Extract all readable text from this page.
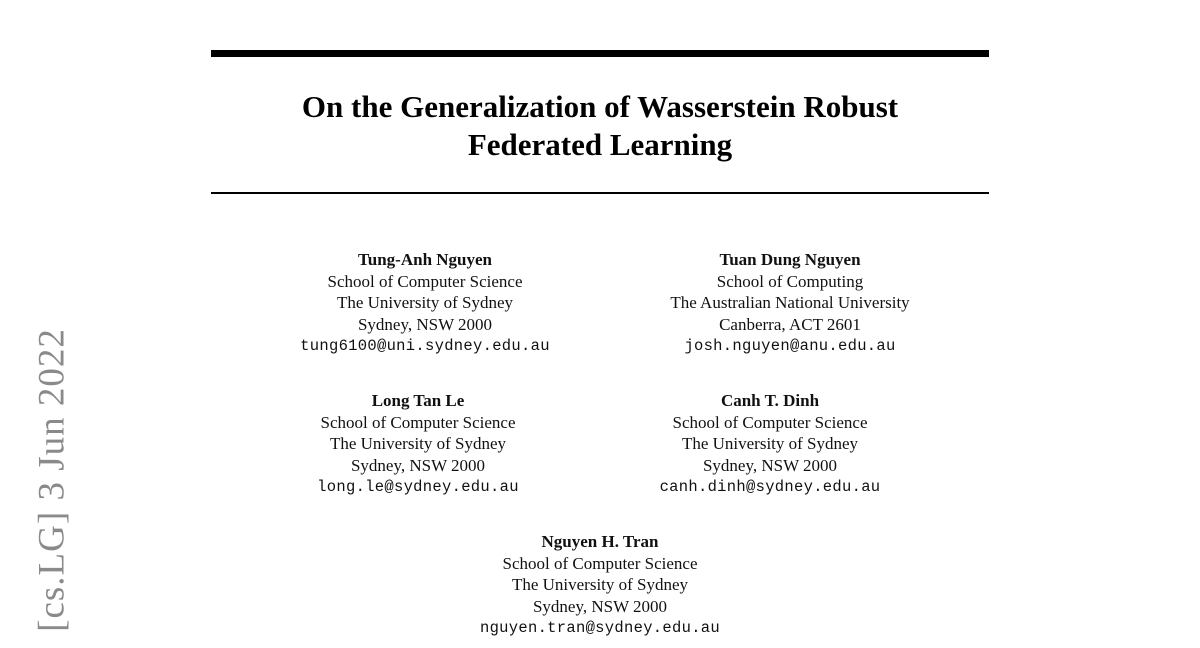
On the Generalization of Wasserstein Robust
Federated Learning
Tung-Anh Nguyen
School of Computer Science
The University of Sydney
Sydney, NSW 2000
tung6100@uni.sydney.edu.au
Tuan Dung Nguyen
School of Computing
The Australian National University
Canberra, ACT 2601
josh.nguyen@anu.edu.au
Long Tan Le
School of Computer Science
The University of Sydney
Sydney, NSW 2000
long.le@sydney.edu.au
Canh T. Dinh
School of Computer Science
The University of Sydney
Sydney, NSW 2000
canh.dinh@sydney.edu.au
Nguyen H. Tran
School of Computer Science
The University of Sydney
Sydney, NSW 2000
nguyen.tran@sydney.edu.au
[cs.LG] 3 Jun 2022
